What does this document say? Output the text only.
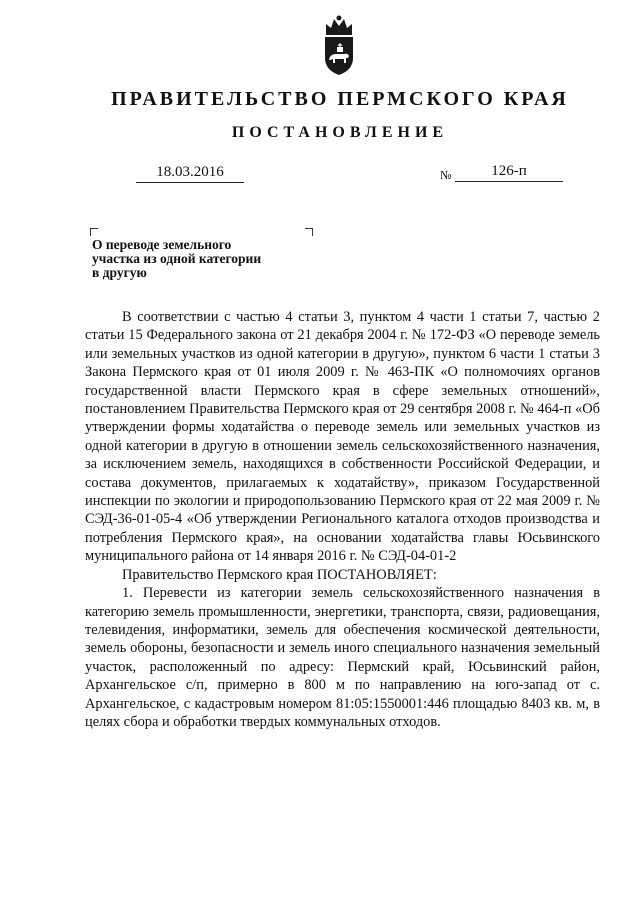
ПРАВИТЕЛЬСТВО ПЕРМСКОГО КРАЯ
ПОСТАНОВЛЕНИЕ
18.03.2016	№	126-п
О переводе земельного
участка из одной категории
в другую

В соответствии с частью 4 статьи 3, пунктом 4 части 1 статьи 7, частью 2 статьи 15 Федерального закона от 21 декабря 2004 г. № 172-ФЗ «О переводе земель или земельных участков из одной категории в другую», пунктом 6 части 1 статьи 3 Закона Пермского края от 01 июля 2009 г. № 463-ПК «О полномочиях органов государственной власти Пермского края в сфере земельных отношений», постановлением Правительства Пермского края от 29 сентября 2008 г. № 464-п «Об утверждении формы ходатайства о переводе земель или земельных участков из одной категории в другую в отношении земель сельскохозяйственного назначения, за исключением земель, находящихся в собственности Российской Федерации, и состава документов, прилагаемых к ходатайству», приказом Государственной инспекции по экологии и природопользованию Пермского края от 22 мая 2009 г. № СЭД-36-01-05-4 «Об утверждении Регионального каталога отходов производства и потребления Пермского края», на основании ходатайства главы Юсьвинского муниципального района от 14 января 2016 г. № СЭД-04-01-2

Правительство Пермского края ПОСТАНОВЛЯЕТ:

1. Перевести из категории земель сельскохозяйственного назначения в категорию земель промышленности, энергетики, транспорта, связи, радиовещания, телевидения, информатики, земель для обеспечения космической деятельности, земель обороны, безопасности и земель иного специального назначения земельный участок, расположенный по адресу: Пермский край, Юсьвинский район, Архангельское с/п, примерно в 800 м по направлению на юго-запад от с. Архангельское, с кадастровым номером 81:05:1550001:446 площадью 8403 кв. м, в целях сбора и обработки твердых коммунальных отходов.
